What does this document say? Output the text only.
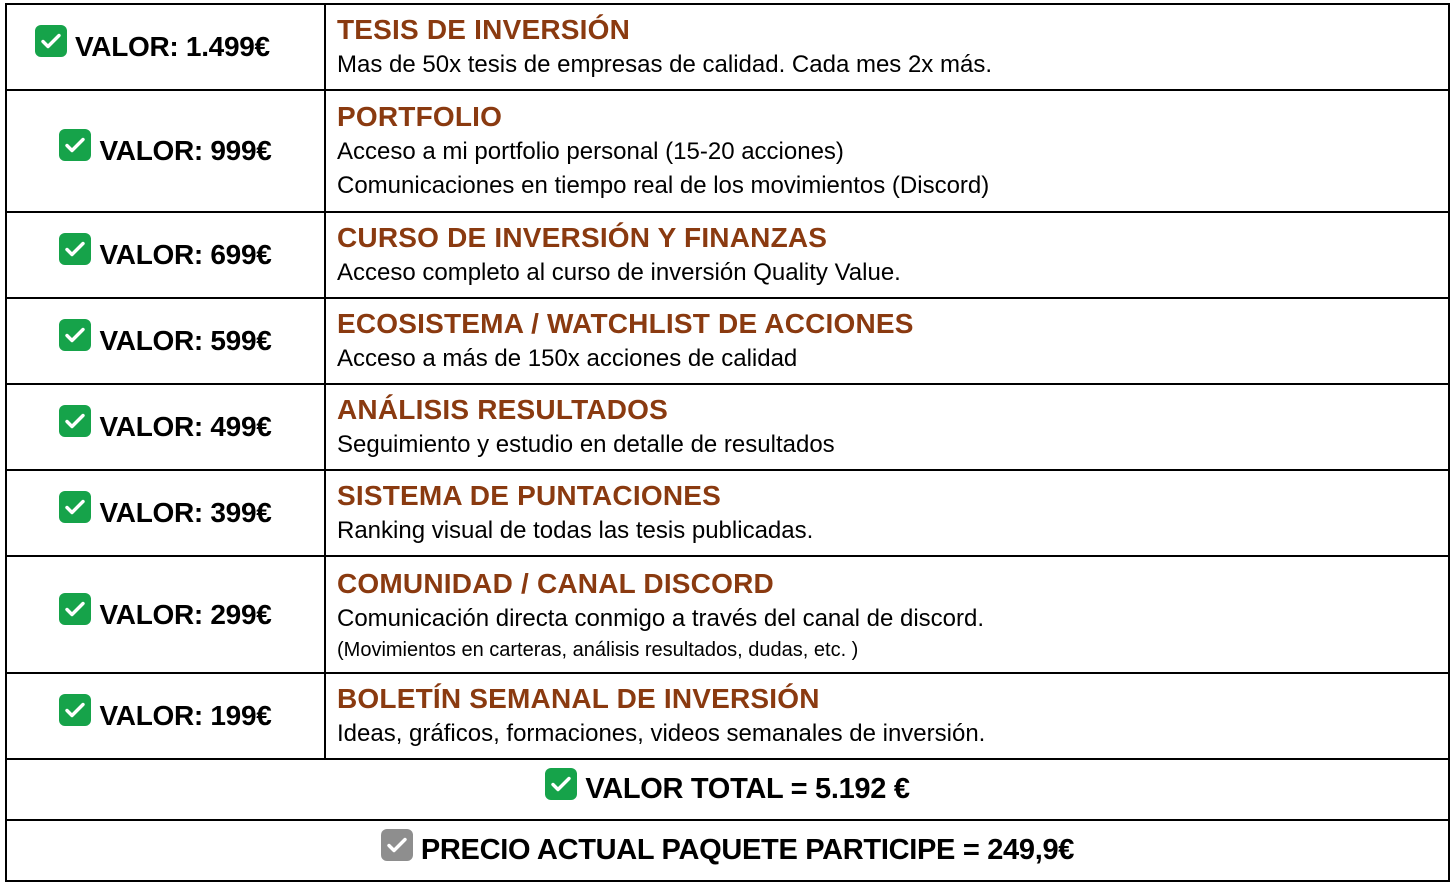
VALOR: 1.499€	TESIS DE INVERSIÓN
Mas de 50x tesis de empresas de calidad. Cada mes 2x más.

VALOR: 999€	PORTFOLIO
Acceso a mi portfolio personal (15-20 acciones)
Comunicaciones en tiempo real de los movimientos (Discord)

VALOR: 699€	CURSO DE INVERSIÓN Y FINANZAS
Acceso completo al curso de inversión Quality Value.

VALOR: 599€	ECOSISTEMA / WATCHLIST DE ACCIONES
Acceso a más de 150x acciones de calidad

VALOR: 499€	ANÁLISIS RESULTADOS
Seguimiento y estudio en detalle de resultados

VALOR: 399€	SISTEMA DE PUNTACIONES
Ranking visual de todas las tesis publicadas.

VALOR: 299€	COMUNIDAD / CANAL DISCORD
Comunicación directa conmigo a través del canal de discord.
(Movimientos en carteras, análisis resultados, dudas, etc. )

VALOR: 199€	BOLETÍN SEMANAL DE INVERSIÓN
Ideas, gráficos, formaciones, videos semanales de inversión.

VALOR TOTAL = 5.192 €	

PRECIO ACTUAL PAQUETE PARTICIPE = 249,9€	
